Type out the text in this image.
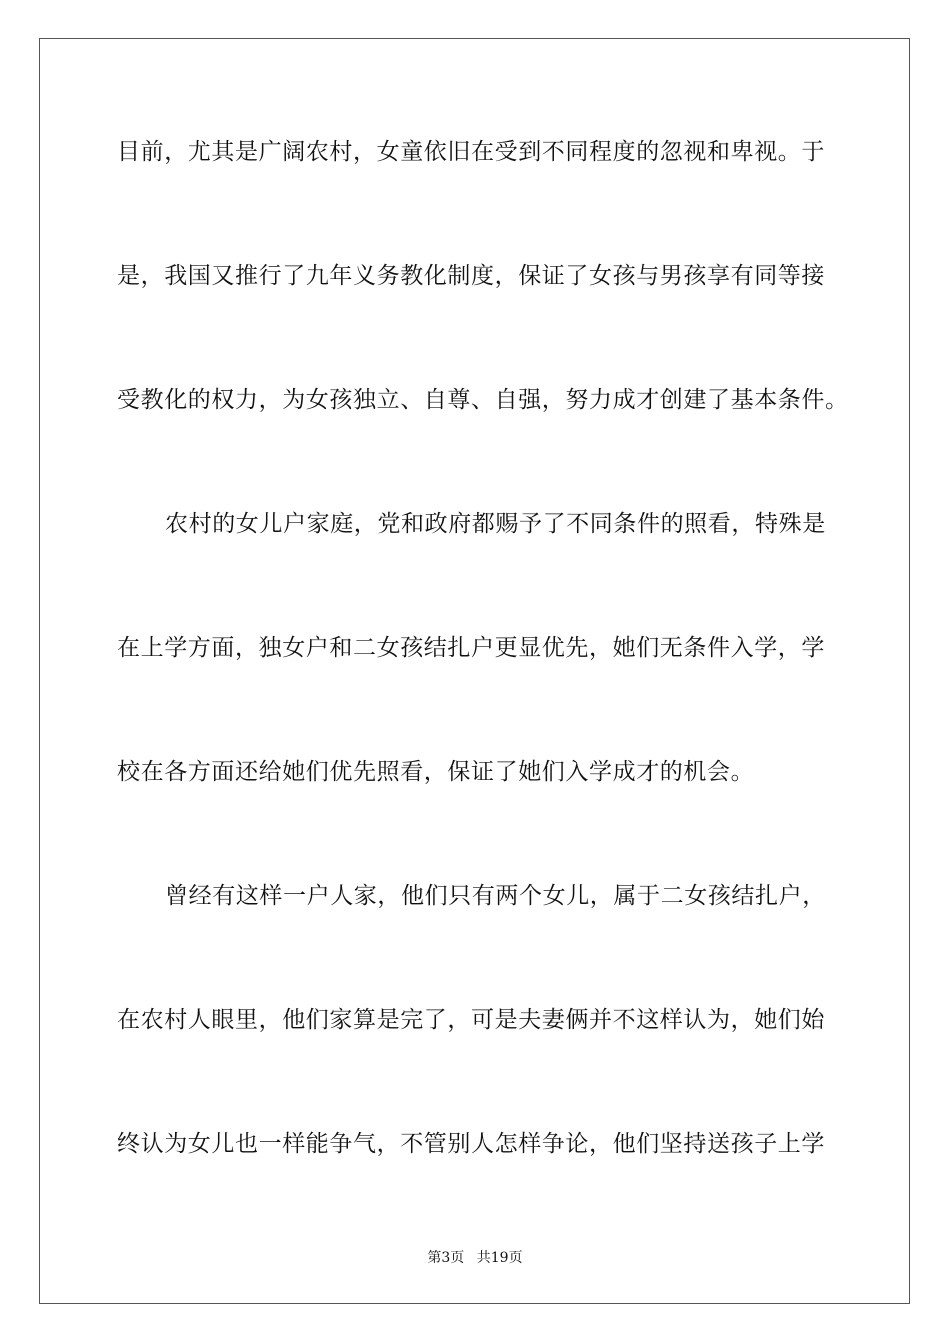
目前，尤其是广阔农村，女童依旧在受到不同程度的忽视和卑视。于
是，我国又推行了九年义务教化制度，保证了女孩与男孩享有同等接
受教化的权力，为女孩独立、自尊、自强，努力成才创建了基本条件。
农村的女儿户家庭，党和政府都赐予了不同条件的照看，特殊是
在上学方面，独女户和二女孩结扎户更显优先，她们无条件入学，学
校在各方面还给她们优先照看，保证了她们入学成才的机会。
曾经有这样一户人家，他们只有两个女儿，属于二女孩结扎户，
在农村人眼里，他们家算是完了，可是夫妻俩并不这样认为，她们始
终认为女儿也一样能争气，不管别人怎样争论，他们坚持送孩子上学
第3页 共19页
